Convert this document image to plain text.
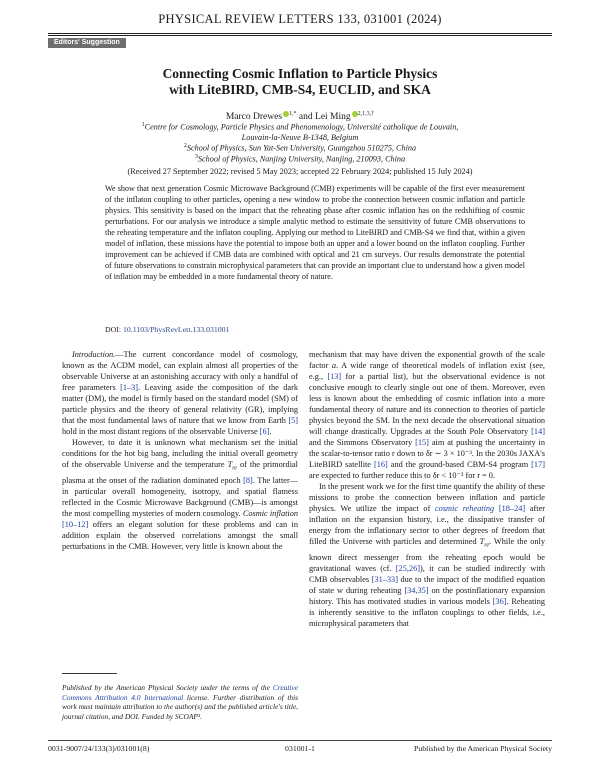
PHYSICAL REVIEW LETTERS 133, 031001 (2024)
Editors' Suggestion
Connecting Cosmic Inflation to Particle Physics
with LiteBIRD, CMB-S4, EUCLID, and SKA
Marco Drewes $^{1,*}$ and Lei Ming $^{2,1,3,\dagger}$
$^1$Centre for Cosmology, Particle Physics and Phenomenology, Université catholique de Louvain,
Louvain-la-Neuve B-1348, Belgium
$^2$School of Physics, Sun Yat-Sen University, Guangzhou 510275, China
$^3$School of Physics, Nanjing University, Nanjing, 210093, China
(Received 27 September 2022; revised 5 May 2023; accepted 22 February 2024; published 15 July 2024)
We show that next generation Cosmic Microwave Background (CMB) experiments will be capable of the first ever measurement of the inflaton coupling to other particles, opening a new window to probe the connection between cosmic inflation and particle physics. This sensitivity is based on the impact that the reheating phase after cosmic inflation has on the redshifting of cosmic perturbations. For our analysis we introduce a simple analytic method to estimate the sensitivity of future CMB observations to the reheating temperature and the inflaton coupling. Applying our method to LiteBIRD and CMB-S4 we find that, within a given model of inflation, these missions have the potential to impose both an upper and a lower bound on the inflaton coupling. Further improvement can be achieved if CMB data are combined with optical and 21 cm surveys. Our results demonstrate the potential of future observations to constrain microphysical parameters that can provide an important clue to understand how a given model of inflation may be embedded in a more fundamental theory of nature.
DOI: 10.1103/PhysRevLett.133.031001

Introduction.—The current concordance model of cosmology, known as the ΛCDM model, can explain almost all properties of the observable Universe at an astonishing accuracy with only a handful of free parameters [1–3]. Leaving aside the composition of the dark matter (DM), the model is firmly based on the standard model (SM) of particle physics and the theory of general relativity (GR), implying that the most fundamental laws of nature that we know from Earth [5] hold in the most distant regions of the observable Universe [6].

However, to date it is unknown what mechanism set the initial conditions for the hot big bang, including the initial overall geometry of the observable Universe and the temperature $T_{re}$ of the primordial plasma at the onset of the radiation dominated epoch [8]. The latter—in particular overall homogeneity, isotropy, and spatial flatness reflected in the Cosmic Microwave Background (CMB)—is amongst the most compelling mysteries of modern cosmology. Cosmic inflation [10–12] offers an elegant solution for these problems and can in addition explain the observed correlations amongst the small perturbations in the CMB. However, very little is known about the

mechanism that may have driven the exponential growth of the scale factor a. A wide range of theoretical models of inflation exist (see, e.g., [13] for a partial list), but the observational evidence is not conclusive enough to clearly single out one of them. Moreover, even less is known about the embedding of cosmic inflation into a more fundamental theory of nature and its connection to theories of particle physics beyond the SM. In the next decade the observational situation will change drastically. Upgrades at the South Pole Observatory [14] and the Simmons Observatory [15] aim at pushing the uncertainty in the scalar-to-tensor ratio r down to δr ∼ 3 × 10⁻³. In the 2030s JAXA's LiteBIRD satellite [16] and the ground-based CBM-S4 program [17] are expected to further reduce this to δr < 10⁻³ for r = 0.

In the present work we for the first time quantify the ability of these missions to probe the connection between inflation and particle physics. We utilize the impact of cosmic reheating [18–24] after inflation on the expansion history, i.e., the dissipative transfer of energy from the inflationary sector to other degrees of freedom that filled the Universe with particles and determined $T_{re}$. While the only known direct messenger from the reheating epoch would be gravitational waves (cf. [25,26]), it can be studied indirectly with CMB observables [31–33] due to the impact of the modified equation of state w during reheating [34,35] on the postinflationary expansion history. This has motivated studies in various models [36]. Reheating is inherently sensitive to the inflaton couplings to other fields, i.e., microphysical parameters that

Published by the American Physical Society under the terms of the Creative Commons Attribution 4.0 International license. Further distribution of this work must maintain attribution to the author(s) and the published article's title, journal citation, and DOI. Funded by SCOAP³.
0031-9007/24/133(3)/031001(8)	031001-1	Published by the American Physical Society
